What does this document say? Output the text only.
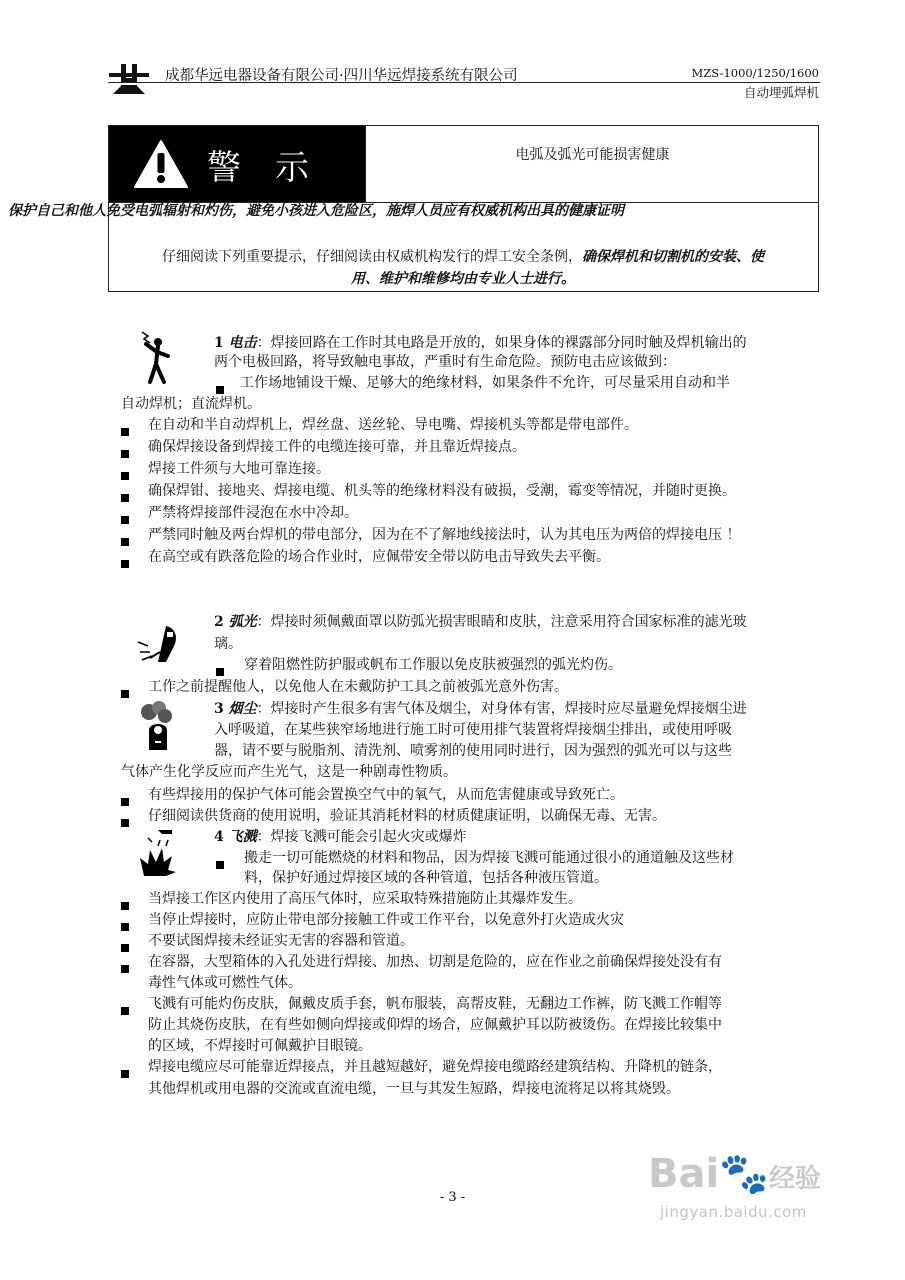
成都华远电器设备有限公司·四川华远焊接系统有限公司	MZS-1000/1250/1600
自动埋弧焊机
警示	电弧及弧光可能损害健康
保护自己和他人免受电弧辐射和灼伤，避免小孩进入危险区，施焊人员应有权威机构出具的健康证明
仔细阅读下列重要提示，仔细阅读由权威机构发行的焊工安全条例，确保焊机和切割机的安装、使
用、维护和维修均由专业人士进行。
1 电击：焊接回路在工作时其电路是开放的，如果身体的裸露部分同时触及焊机输出的
两个电极回路，将导致触电事故，严重时有生命危险。预防电击应该做到：
工作场地铺设干燥、足够大的绝缘材料，如果条件不允许，可尽量采用自动和半
自动焊机；直流焊机。
在自动和半自动焊机上，焊丝盘、送丝轮、导电嘴、焊接机头等都是带电部件。
确保焊接设备到焊接工件的电缆连接可靠，并且靠近焊接点。
焊接工件须与大地可靠连接。
确保焊钳、接地夹、焊接电缆、机头等的绝缘材料没有破损，受潮，霉变等情况，并随时更换。
严禁将焊接部件浸泡在水中冷却。
严禁同时触及两台焊机的带电部分，因为在不了解地线接法时，认为其电压为两倍的焊接电压 ！
在高空或有跌落危险的场合作业时，应佩带安全带以防电击导致失去平衡。
2 弧光：焊接时须佩戴面罩以防弧光损害眼睛和皮肤，注意采用符合国家标准的滤光玻
璃。
穿着阻燃性防护服或帆布工作服以免皮肤被强烈的弧光灼伤。
工作之前提醒他人，以免他人在未戴防护工具之前被弧光意外伤害。
3 烟尘：焊接时产生很多有害气体及烟尘，对身体有害，焊接时应尽量避免焊接烟尘进
入呼吸道，在某些狭窄场地进行施工时可使用排气装置将焊接烟尘排出，或使用呼吸
器，请不要与脱脂剂、清洗剂、喷雾剂的使用同时进行，因为强烈的弧光可以与这些
气体产生化学反应而产生光气，这是一种剧毒性物质。
有些焊接用的保护气体可能会置换空气中的氧气，从而危害健康或导致死亡。
仔细阅读供货商的使用说明，验证其消耗材料的材质健康证明，以确保无毒、无害。
4 飞溅：焊接飞溅可能会引起火灾或爆炸
搬走一切可能燃烧的材料和物品，因为焊接飞溅可能通过很小的通道触及这些材
料，保护好通过焊接区域的各种管道，包括各种液压管道。
当焊接工作区内使用了高压气体时，应采取特殊措施防止其爆炸发生。
当停止焊接时，应防止带电部分接触工件或工作平台，以免意外打火造成火灾
不要试图焊接未经证实无害的容器和管道。
在容器，大型箱体的入孔处进行焊接、加热、切割是危险的，应在作业之前确保焊接处没有有
毒性气体或可燃性气体。
飞溅有可能灼伤皮肤，佩戴皮质手套，帆布服装，高帮皮鞋，无翻边工作裤，防飞溅工作帽等
防止其烧伤皮肤，在有些如侧向焊接或仰焊的场合，应佩戴护耳以防被烫伤。在焊接比较集中
的区域，不焊接时可佩戴护目眼镜。
焊接电缆应尽可能靠近焊接点，并且越短越好，避免焊接电缆路经建筑结构、升降机的链条，
其他焊机或用电器的交流或直流电缆，一旦与其发生短路，焊接电流将足以将其烧毁。
- 3 -
Bai🐾经验
jingyan.baidu.com
